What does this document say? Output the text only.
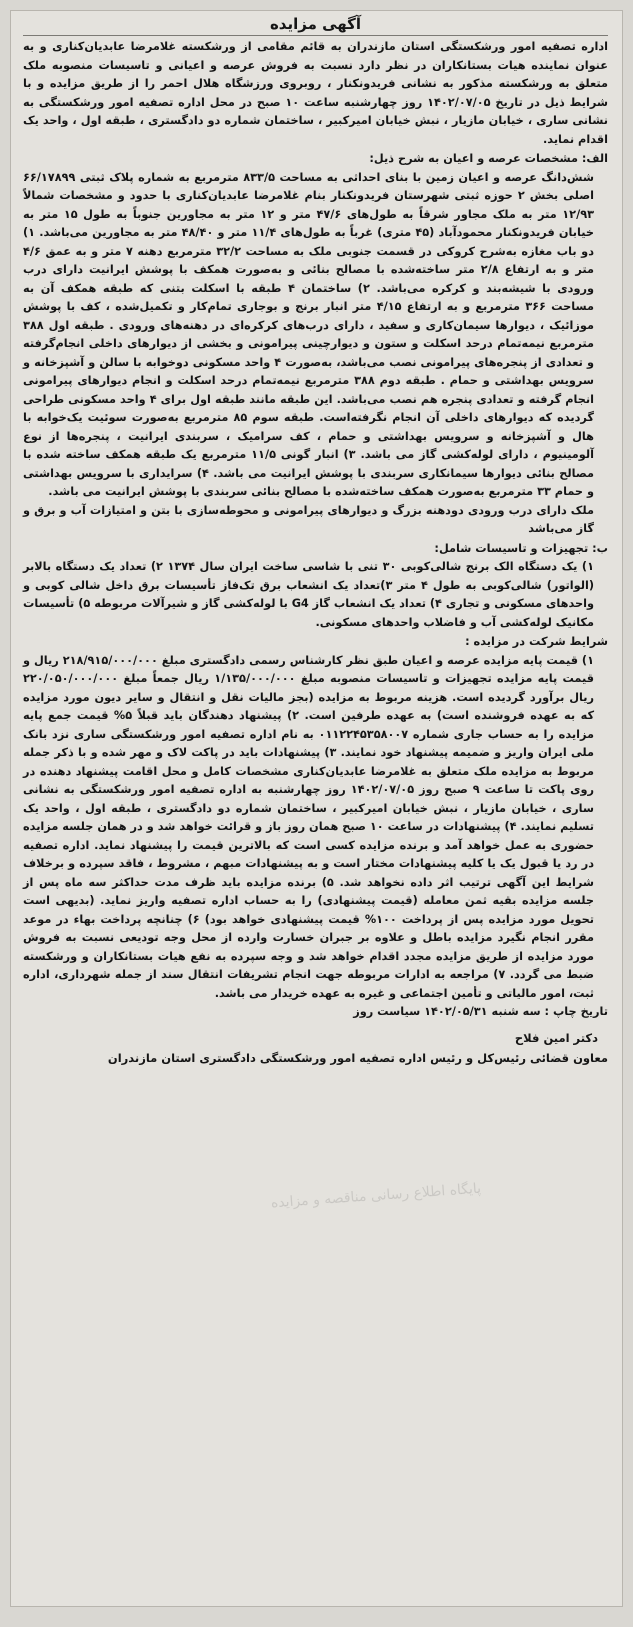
آگهی مزایده

اداره تصفیه امور ورشکستگی استان مازندران به قائم مقامی از ورشکسته غلامرضا عابدیان‌کناری و به عنوان نماینده هیات بستانکاران در نظر دارد نسبت به فروش عرصه و اعیانی و تاسیسات منصوبه ملک متعلق به ورشکسته مذکور به نشانی فریدونکنار ، روبروی ورزشگاه هلال احمر را از طریق مزایده و با شرایط ذیل در تاریخ ۱۴۰۲/۰۷/۰۵ روز چهارشنبه ساعت ۱۰ صبح در محل اداره تصفیه امور ورشکستگی به نشانی ساری ، خیابان مازیار ، نبش خیابان امیرکبیر ، ساختمان شماره دو دادگستری ، طبقه اول ، واحد یک اقدام نماید.

الف: مشخصات عرصه و اعیان به شرح ذیل:

شش‌دانگ عرصه و اعیان زمین با بنای احداثی به مساحت ۸۳۳/۵ مترمربع به شماره پلاک ثبتی ۶۶/۱۷۸۹۹ اصلی بخش ۲ حوزه ثبتی شهرستان فریدونکنار بنام غلامرضا عابدیان‌کناری با حدود و مشخصات شمالاً ۱۲/۹۳ متر به ملک مجاور شرقاً به طول‌های ۴۷/۶ متر و ۱۲ متر به مجاورین جنوباً به طول ۱۵ متر به خیابان فریدونکنار محمودآباد (۴۵ متری) غرباً به طول‌های ۱۱/۴ متر و ۴۸/۴۰ متر به مجاورین می‌باشد. ۱) دو باب مغازه به‌شرح کروکی در قسمت جنوبی ملک به مساحت ۳۲/۲ مترمربع دهنه ۷ متر و به عمق ۴/۶ متر و به ارتفاع ۲/۸ متر ساخته‌شده با مصالح بنائی و به‌صورت همکف با پوشش ایرانیت دارای درب ورودی با شیشه‌بند و کرکره می‌باشد. ۲) ساختمان ۴ طبقه با اسکلت بتنی که طبقه همکف آن به مساحت ۳۶۶ مترمربع و به ارتفاع ۴/۱۵ متر انبار برنج و بوجاری تمام‌کار و تکمیل‌شده ، کف با پوشش موزائیک ، دیوارها سیمان‌کاری و سفید ، دارای درب‌های کرکره‌ای در دهنه‌های ورودی . طبقه اول ۳۸۸ مترمربع نیمه‌تمام درحد اسکلت و ستون و دیوارچینی پیرامونی و بخشی از دیوارهای داخلی انجام‌گرفته و تعدادی از پنجره‌های پیرامونی نصب می‌باشد، به‌صورت ۴ واحد مسکونی دوخوابه با سالن و آشپزخانه و سرویس بهداشتی و حمام . طبقه دوم ۳۸۸ مترمربع نیمه‌تمام درحد اسکلت و انجام دیوارهای پیرامونی انجام گرفته و تعدادی پنجره هم نصب می‌باشد. این طبقه مانند طبقه اول برای ۴ واحد مسکونی طراحی گردیده که دیوارهای داخلی آن انجام نگرفته‌است. طبقه سوم ۸۵ مترمربع به‌صورت سوئیت یک‌خوابه با هال و آشپزخانه و سرویس بهداشتی و حمام ، کف سرامیک ، سربندی ایرانیت ، پنجره‌ها از نوع آلومینیوم ، دارای لوله‌کشی گاز می باشد. ۳) انبار گونی ۱۱/۵ مترمربع یک طبقه همکف ساخته شده با مصالح بنائی دیوارها سیمانکاری سربندی با پوشش ایرانیت می باشد. ۴) سرایداری با سرویس بهداشتی و حمام ۳۳ مترمربع به‌صورت همکف ساخته‌شده با مصالح بنائی سربندی با پوشش ایرانیت می باشد.

ملک دارای درب ورودی دودهنه بزرگ و دیوارهای پیرامونی و محوطه‌سازی با بتن و امتیازات آب و برق و گاز می‌باشد

ب: تجهیزات و تاسیسات شامل:

۱) یک دستگاه الک برنج شالی‌کوبی ۳۰ تنی با شاسی ساخت ایران سال ۱۳۷۴ ۲) تعداد یک دستگاه بالابر (الواتور) شالی‌کوبی به طول ۴ متر ۳)تعداد یک انشعاب برق تک‌فاز تأسیسات برق داخل شالی کوبی و واحدهای مسکونی و تجاری ۴) تعداد یک انشعاب گاز G4 با لوله‌کشی گاز و شیرآلات مربوطه ۵) تأسیسات مکانیک لوله‌کشی آب و فاضلاب واحدهای مسکونی.

شرایط شرکت در مزایده :

۱) قیمت پایه مزایده عرصه و اعیان طبق نظر کارشناس رسمی دادگستری مبلغ ۲۱۸/۹۱۵/۰۰۰/۰۰۰ ریال و قیمت پایه مزایده تجهیزات و تاسیسات منصوبه مبلغ ۱/۱۳۵/۰۰۰/۰۰۰ ریال جمعاً مبلغ ۲۲۰/۰۵۰/۰۰۰/۰۰۰ ریال برآورد گردیده است. هزینه مربوط به مزایده (بجز مالیات نقل و انتقال و سایر دیون مورد مزایده که به عهده فروشنده است) به عهده طرفین است. ۲) پیشنهاد دهندگان باید قبلاً ۵% قیمت جمع پایه مزایده را به حساب جاری شماره ۰۱۱۲۲۴۵۳۵۸۰۰۷ به نام اداره تصفیه امور ورشکستگی ساری نزد بانک ملی ایران واریز و ضمیمه پیشنهاد خود نمایند. ۳) پیشنهادات باید در پاکت لاک و مهر شده و با ذکر جمله مربوط به مزایده ملک متعلق به غلامرضا عابدیان‌کناری مشخصات کامل و محل اقامت پیشنهاد دهنده در روی پاکت تا ساعت ۹ صبح روز ۱۴۰۲/۰۷/۰۵ روز چهارشنبه به اداره تصفیه امور ورشکستگی به نشانی ساری ، خیابان مازیار ، نبش خیابان امیرکبیر ، ساختمان شماره دو دادگستری ، طبقه اول ، واحد یک تسلیم نمایند. ۴) پیشنهادات در ساعت ۱۰ صبح همان روز باز و قرائت خواهد شد و در همان جلسه مزایده حضوری به عمل خواهد آمد و برنده مزایده کسی است که بالاترین قیمت را پیشنهاد نماید. اداره تصفیه در رد یا قبول یک یا کلیه پیشنهادات مختار است و به پیشنهادات مبهم ، مشروط ، فاقد سپرده و برخلاف شرایط این آگهی ترتیب اثر داده نخواهد شد. ۵) برنده مزایده باید ظرف مدت حداکثر سه ماه پس از جلسه مزایده بقیه ثمن معامله (قیمت پیشنهادی) را به حساب اداره تصفیه واریز نماید. (بدیهی است تحویل مورد مزایده پس از پرداخت ۱۰۰% قیمت پیشنهادی خواهد بود) ۶) چنانچه پرداخت بهاء در موعد مقرر انجام نگیرد مزایده باطل و علاوه بر جبران خسارت وارده از محل وجه تودیعی نسبت به فروش مورد مزایده از طریق مزایده مجدد اقدام خواهد شد و وجه سپرده به نفع هیات بستانکاران و ورشکسته ضبط می گردد. ۷) مراجعه به ادارات مربوطه جهت انجام تشریفات انتقال سند از جمله شهرداری، اداره ثبت، امور مالیاتی و تأمین اجتماعی و غیره به عهده خریدار می باشد.

تاریخ چاپ : سه شنبه ۱۴۰۲/۰۵/۳۱ سیاست روز

دکتر امین فلاح
معاون قضائی رئیس‌کل و رئیس اداره تصفیه امور ورشکستگی دادگستری استان مازندران
پایگاه اطلاع رسانی مناقصه و مزایده
